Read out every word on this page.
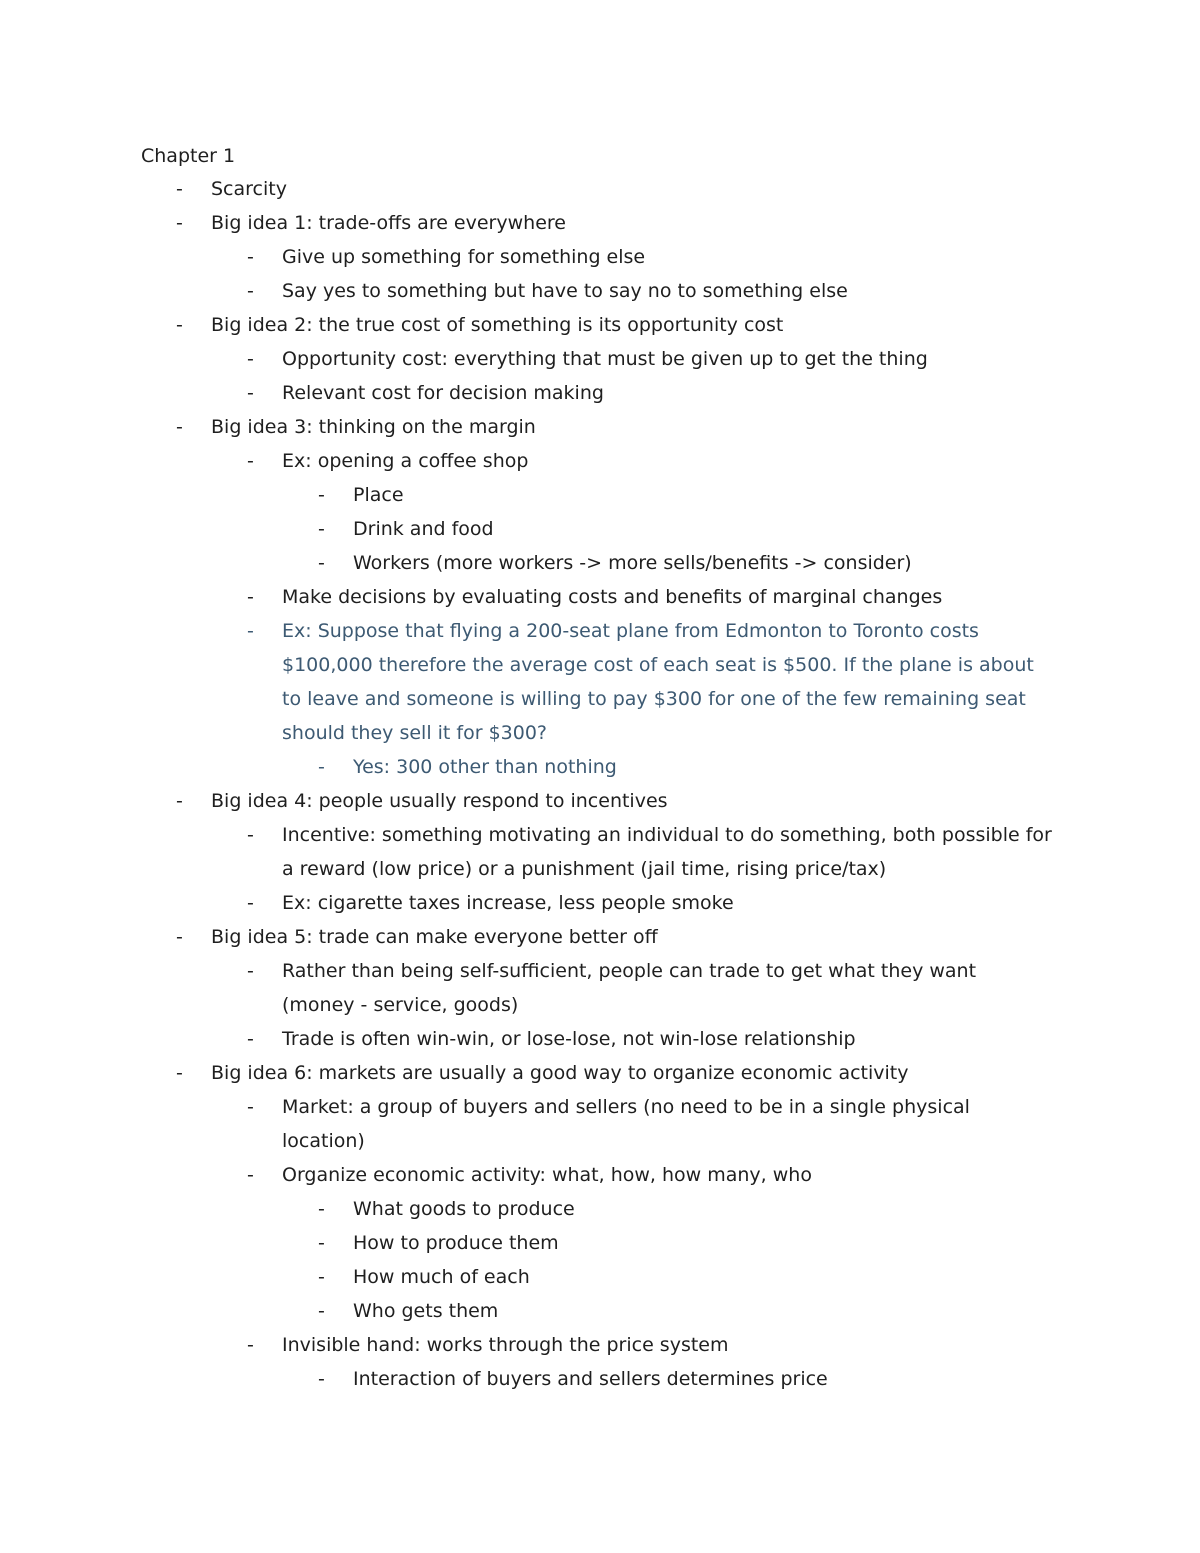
Chapter 1
- Scarcity
- Big idea 1: trade-offs are everywhere
- Give up something for something else
- Say yes to something but have to say no to something else
- Big idea 2: the true cost of something is its opportunity cost
- Opportunity cost: everything that must be given up to get the thing
- Relevant cost for decision making
- Big idea 3: thinking on the margin
- Ex: opening a coffee shop
- Place
- Drink and food
- Workers (more workers -> more sells/benefits -> consider)
- Make decisions by evaluating costs and benefits of marginal changes
- Ex: Suppose that flying a 200-seat plane from Edmonton to Toronto costs
$100,000 therefore the average cost of each seat is $500. If the plane is about
to leave and someone is willing to pay $300 for one of the few remaining seat
should they sell it for $300?
- Yes: 300 other than nothing
- Big idea 4: people usually respond to incentives
- Incentive: something motivating an individual to do something, both possible for
a reward (low price) or a punishment (jail time, rising price/tax)
- Ex: cigarette taxes increase, less people smoke
- Big idea 5: trade can make everyone better off
- Rather than being self-sufficient, people can trade to get what they want
(money - service, goods)
- Trade is often win-win, or lose-lose, not win-lose relationship
- Big idea 6: markets are usually a good way to organize economic activity
- Market: a group of buyers and sellers (no need to be in a single physical
location)
- Organize economic activity: what, how, how many, who
- What goods to produce
- How to produce them
- How much of each
- Who gets them
- Invisible hand: works through the price system
- Interaction of buyers and sellers determines price
